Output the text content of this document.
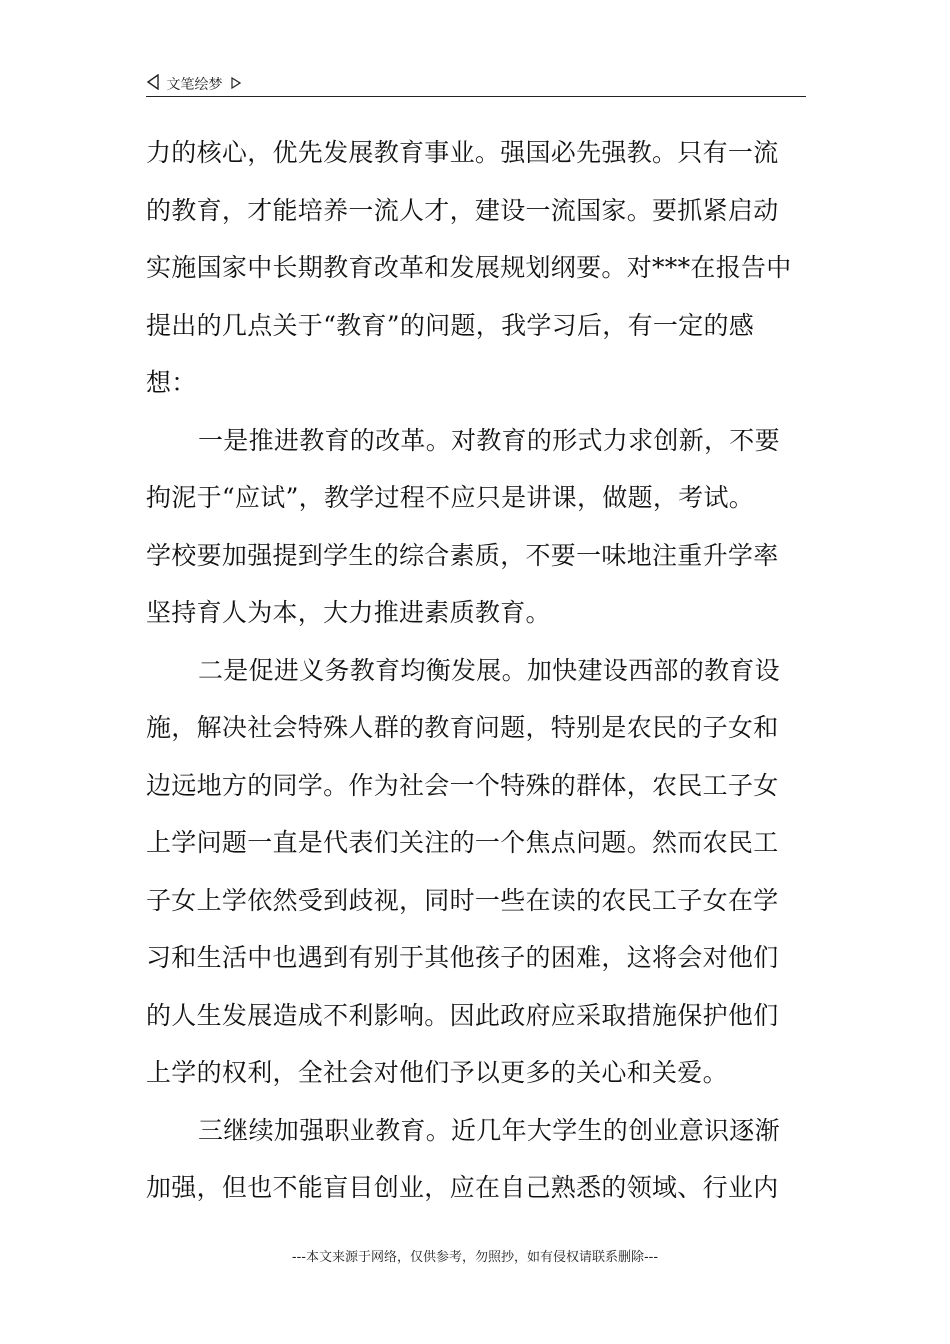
文笔绘梦
力的核心，优先发展教育事业。强国必先强教。只有一流
的教育，才能培养一流人才，建设一流国家。要抓紧启动
实施国家中长期教育改革和发展规划纲要。对***在报告中
提出的几点关于“教育”的问题，我学习后，有一定的感
想：
一是推进教育的改革。对教育的形式力求创新，不要
拘泥于“应试”，教学过程不应只是讲课，做题，考试。
学校要加强提到学生的综合素质，不要一味地注重升学率
坚持育人为本，大力推进素质教育。
二是促进义务教育均衡发展。加快建设西部的教育设
施，解决社会特殊人群的教育问题，特别是农民的子女和
边远地方的同学。作为社会一个特殊的群体，农民工子女
上学问题一直是代表们关注的一个焦点问题。然而农民工
子女上学依然受到歧视，同时一些在读的农民工子女在学
习和生活中也遇到有别于其他孩子的困难，这将会对他们
的人生发展造成不利影响。因此政府应采取措施保护他们
上学的权利，全社会对他们予以更多的关心和关爱。
三继续加强职业教育。近几年大学生的创业意识逐渐
加强，但也不能盲目创业，应在自己熟悉的领域、行业内
---本文来源于网络，仅供参考，勿照抄，如有侵权请联系删除---
